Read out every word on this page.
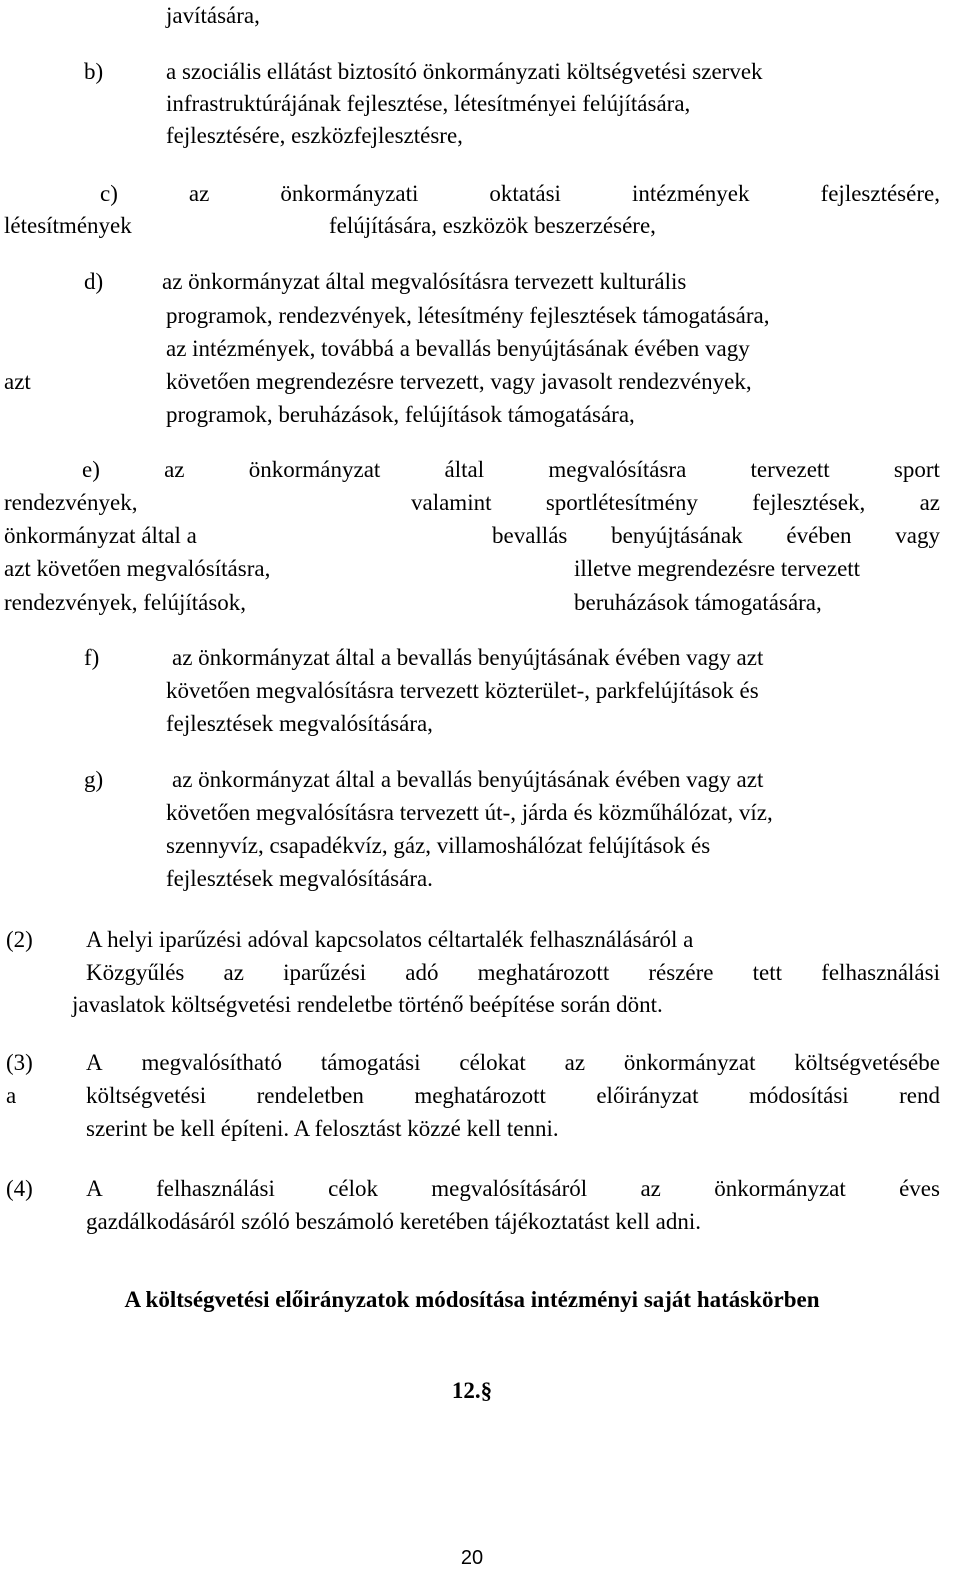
javítására,
b)	a szociális ellátást biztosító önkormányzati költségvetési szervek
infrastruktúrájának fejlesztése, létesítményei felújítására,
fejlesztésére, eszközfejlesztésre,
c)	az	önkormányzati	oktatási	intézmények	fejlesztésére,
létesítmények	felújítására, eszközök beszerzésére,
d)	az önkormányzat által megvalósításra tervezett kulturális
programok, rendezvények, létesítmény fejlesztések támogatására,
az intézmények, továbbá a bevallás benyújtásának évében vagy
azt	követően megrendezésre tervezett, vagy javasolt rendezvények,
programok, beruházások, felújítások támogatására,
e)	az	önkormányzat	által	megvalósításra	tervezett	sport
rendezvények,	valamint sportlétesítmény fejlesztések, az
önkormányzat által a	bevallás benyújtásának évében vagy
azt követően megvalósításra,	illetve megrendezésre tervezett
rendezvények, felújítások,	beruházások támogatására,
f)	az önkormányzat által a bevallás benyújtásának évében vagy azt
követően megvalósításra tervezett közterület-, parkfelújítások és
fejlesztések megvalósítására,
g)	az önkormányzat által a bevallás benyújtásának évében vagy azt
követően megvalósításra tervezett út-, járda és közműhálózat, víz,
szennyvíz, csapadékvíz, gáz, villamoshálózat felújítások és
fejlesztések megvalósítására.
(2) A helyi iparűzési adóval kapcsolatos céltartalék felhasználásáról a
Közgyűlés az iparűzési adó meghatározott részére tett felhasználási
javaslatok költségvetési rendeletbe történő beépítése során dönt.
(3) A megvalósítható támogatási célokat az önkormányzat költségvetésébe
a	költségvetési rendeletben meghatározott előirányzat módosítási rend
szerint be kell építeni. A felosztást közzé kell tenni.
(4) A felhasználási célok megvalósításáról az önkormányzat éves
gazdálkodásáról szóló beszámoló keretében tájékoztatást kell adni.
A költségvetési előirányzatok módosítása intézményi saját hatáskörben
12.§
20
